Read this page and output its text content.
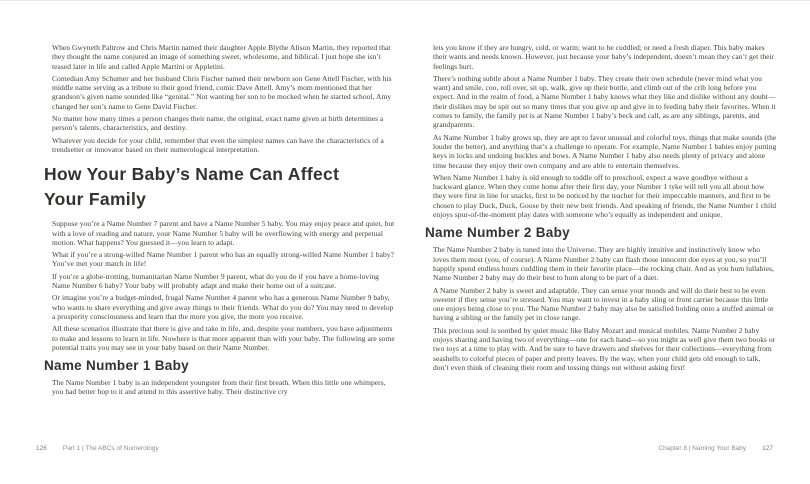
When Gwyneth Paltrow and Chris Martin named their daughter Apple Blythe Alison Martin, they reported that they thought the name conjured an image of something sweet, wholesome, and biblical. I just hope she isn’t teased later in life and called Apple Martini or Appletini.

Comedian Amy Schumer and her husband Chris Fischer named their newborn son Gene Attell Fischer, with his middle name serving as a tribute to their good friend, comic Dave Attell. Amy’s mom mentioned that her grandson’s given name sounded like “genital.” Not wanting her son to be mocked when he started school, Amy changed her son’s name to Gene David Fischer.

No matter how many times a person changes their name, the original, exact name given at birth determines a person’s talents, characteristics, and destiny.

Whatever you decide for your child, remember that even the simplest names can have the characteristics of a trendsetter or innovator based on their numerological interpretation.

How Your Baby’s Name Can Affect Your Family

Suppose you’re a Name Number 7 parent and have a Name Number 5 baby. You may enjoy peace and quiet, but with a love of reading and nature, your Name Number 5 baby will be overflowing with energy and perpetual motion. What happens? You guessed it—you learn to adapt.

What if you’re a strong-willed Name Number 1 parent who has an equally strong-willed Name Number 1 baby? You’ve met your match in life!

If you’re a globe-trotting, humanitarian Name Number 9 parent, what do you do if you have a home-loving Name Number 6 baby? Your baby will probably adapt and make their home out of a suitcase.

Or imagine you’re a budget-minded, frugal Name Number 4 parent who has a generous Name Number 9 baby, who wants to share everything and give away things to their friends. What do you do? You may need to develop a prosperity consciousness and learn that the more you give, the more you receive.

All these scenarios illustrate that there is give and take in life, and, despite your numbers, you have adjustments to make and lessons to learn in life. Nowhere is that more apparent than with your baby. The following are some potential traits you may see in your baby based on their Name Number.

Name Number 1 Baby

The Name Number 1 baby is an independent youngster from their first breath. When this little one whimpers, you had better hop to it and attend to this assertive baby. Their distinctive cry

lets you know if they are hungry, cold, or warm; want to be cuddled; or need a fresh diaper. This baby makes their wants and needs known. However, just because your baby’s independent, doesn’t mean they can’t get their feelings hurt.

There’s nothing subtle about a Name Number 1 baby. They create their own schedule (never mind what you want) and smile, coo, roll over, sit up, walk, give up their bottle, and climb out of the crib long before you expect. And in the realm of food, a Name Number 1 baby knows what they like and dislike without any doubt—their dislikes may be spit out so many times that you give up and give in to feeding baby their favorites. When it comes to family, the family pet is at Name Number 1 baby’s beck and call, as are any siblings, parents, and grandparents.

As Name Number 1 baby grows up, they are apt to favor unusual and colorful toys, things that make sounds (the louder the better), and anything that’s a challenge to operate. For example, Name Number 1 babies enjoy putting keys in locks and undoing buckles and bows. A Name Number 1 baby also needs plenty of privacy and alone time because they enjoy their own company and are able to entertain themselves.

When Name Number 1 baby is old enough to toddle off to preschool, expect a wave goodbye without a backward glance. When they come home after their first day, your Number 1 tyke will tell you all about how they were first in line for snacks, first to be noticed by the teacher for their impeccable manners, and first to be chosen to play Duck, Duck, Goose by their new best friends. And speaking of friends, the Name Number 1 child enjoys spur-of-the-moment play dates with someone who’s equally as independent and unique.

Name Number 2 Baby

The Name Number 2 baby is tuned into the Universe. They are highly intuitive and instinctively know who loves them most (you, of course). A Name Number 2 baby can flash those innocent doe eyes at you, so you’ll happily spend endless hours cuddling them in their favorite place—the rocking chair. And as you hum lullabies, Name Number 2 baby may do their best to hum along to be part of a duet.

A Name Number 2 baby is sweet and adaptable. They can sense your moods and will do their best to be even sweeter if they sense you’re stressed. You may want to invest in a baby sling or front carrier because this little one enjoys being close to you. The Name Number 2 baby may also be satisfied holding onto a stuffed animal or having a sibling or the family pet in close range.

This precious soul is soothed by quiet music like Baby Mozart and musical mobiles. Name Number 2 baby enjoys sharing and having two of everything—one for each hand—so you might as well give them two books or two toys at a time to play with. And be sure to have drawers and shelves for their collections—everything from seashells to colorful pieces of paper and pretty leaves. By the way, when your child gets old enough to talk, don’t even think of cleaning their room and tossing things out without asking first!

126 Part 1 | The ABCs of Numerology	Chapter 8 | Naming Your Baby 127
